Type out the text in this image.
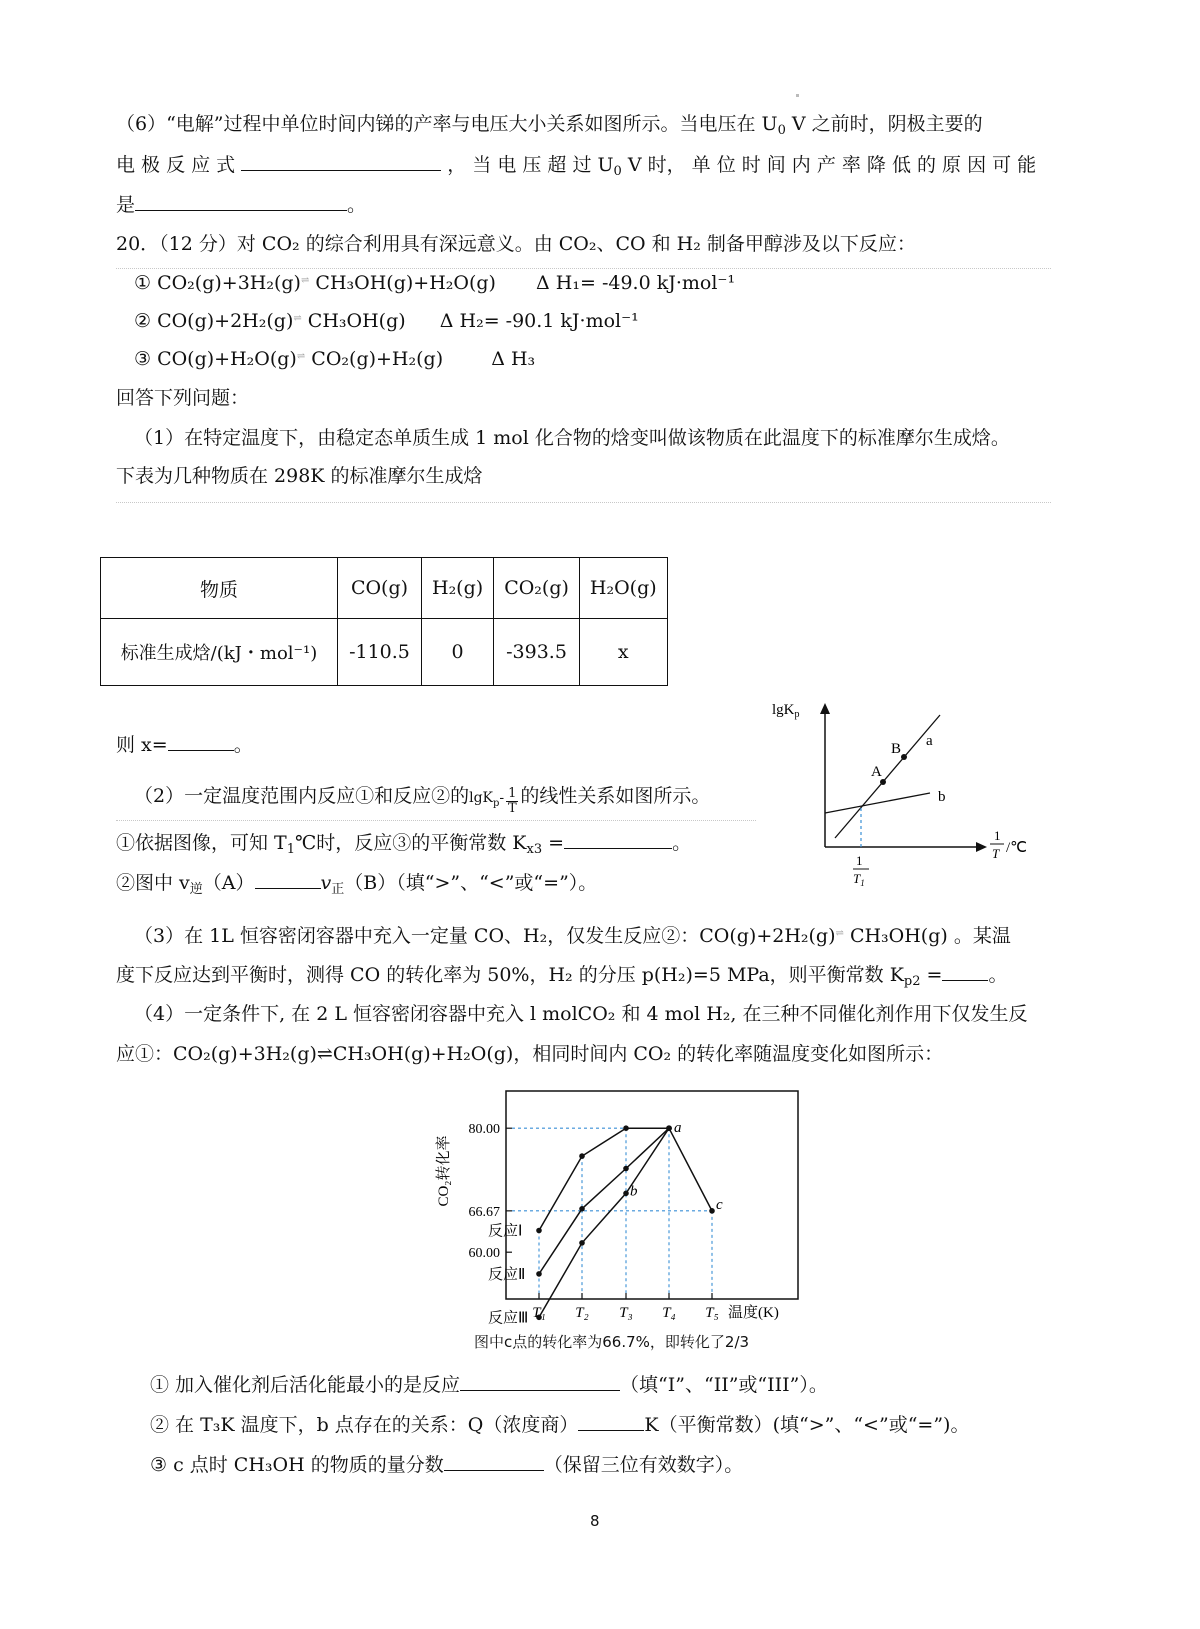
（6）“电解”过程中单位时间内锑的产率与电压大小关系如图所示。当电压在 $U_0$ V 之前时，阴极主要的
电 极 反 应 式	， 当 电 压 超 过 $U_0$ V 时， 单 位 时 间 内 产 率 降 低 的 原 因 可 能
是	。
20．（12 分）对 CO₂ 的综合利用具有深远意义。由 CO₂、CO 和 H₂ 制备甲醇涉及以下反应：
① CO₂(g)+3H₂(g)⇌ CH₃OH(g)+H₂O(g) Δ H₁= -49.0 kJ·mol⁻¹
② CO(g)+2H₂(g)⇌ CH₃OH(g) Δ H₂= -90.1 kJ·mol⁻¹
③ CO(g)+H₂O(g)⇌ CO₂(g)+H₂(g)	Δ H₃
回答下列问题：
（1）在特定温度下，由稳定态单质生成 1 mol 化合物的焓变叫做该物质在此温度下的标准摩尔生成焓。
下表为几种物质在 298K 的标准摩尔生成焓
物质	CO(g)	H₂(g)	CO₂(g)	H₂O(g)
标准生成焓/(kJ・mol⁻¹)	-110.5	0	-393.5	x
则 x=	。
lgK$_p$
A
B a
b
1
$T_1$
1
T /℃
（2）一定温度范围内反应①和反应②的$\lg K_p- \frac{1}{T}$ 的线性关系如图所示。
①依据图像，可知 $T_1℃$时，反应③的平衡常数 $K_{x3}$ =	。
②图中 $v_逆(A)$	$v_正(B)$（填“>”、“<”或“=”）。
（3）在 1L 恒容密闭容器中充入一定量 CO、H₂，仅发生反应②：CO(g)+2H₂(g)⇌ CH₃OH(g) 。某温
度下反应达到平衡时，测得 CO 的转化率为 50%，H₂ 的分压 p(H₂)=5 MPa，则平衡常数 $K_{p2}$ = 。
（4）一定条件下, 在 2 L 恒容密闭容器中充入 l molCO₂ 和 4 mol H₂, 在三种不同催化剂作用下仅发生反
应①：CO₂(g)+3H₂(g)⇌CH₃OH(g)+H₂O(g)，相同时间内 CO₂ 的转化率随温度变化如图所示：
CO₂转化率
80.00
66.67
60.00
T₁ T₂ T₃ T₄ T₅ 温度(K)
反应Ⅰ
反应Ⅱ
反应Ⅲ
a
b
c
图中c点的转化率为66.7%，即转化了2/3
① 加入催化剂后活化能最小的是反应	（填“I”、“II”或“III”）。
② 在 T₃K 温度下，b 点存在的关系：Q（浓度商）	K（平衡常数）(填“>”、“<”或“=”)。
③ c 点时 CH₃OH 的物质的量分数	（保留三位有效数字）。
8
